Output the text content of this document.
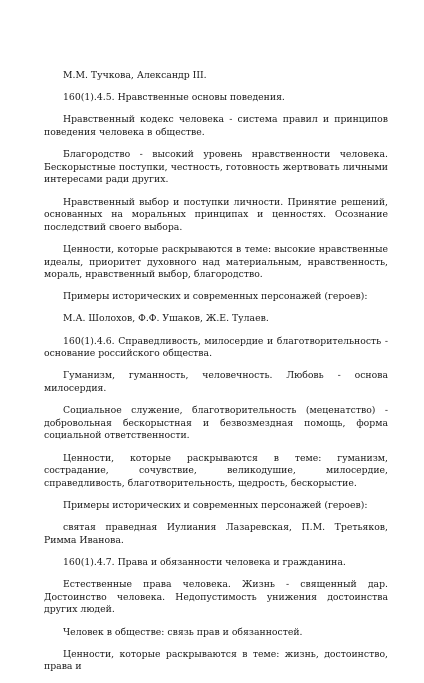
М.М. Тучкова, Александр III.

160(1).4.5. Нравственные основы поведения.

Нравственный кодекс человека - система правил и принципов поведения человека в обществе.

Благородство - высокий уровень нравственности человека. Бескорыстные поступки, честность, готовность жертвовать личными интересами ради других.

Нравственный выбор и поступки личности. Принятие решений, основанных на моральных принципах и ценностях. Осознание последствий своего выбора.

Ценности, которые раскрываются в теме: высокие нравственные идеалы, приоритет духовного над материальным, нравственность, мораль, нравственный выбор, благородство.

Примеры исторических и современных персонажей (героев):

М.А. Шолохов, Ф.Ф. Ушаков, Ж.Е. Тулаев.

160(1).4.6. Справедливость, милосердие и благотворительность - основание российского общества.

Гуманизм, гуманность, человечность. Любовь - основа милосердия.

Социальное служение, благотворительность (меценатство) - добровольная бескорыстная и безвозмездная помощь, форма социальной ответственности.

Ценности, которые раскрываются в теме: гуманизм, сострадание, сочувствие, великодушие, милосердие, справедливость, благотворительность, щедрость, бескорыстие.

Примеры исторических и современных персонажей (героев):

святая праведная Иулиания Лазаревская, П.М. Третьяков, Римма Иванова.

160(1).4.7. Права и обязанности человека и гражданина.

Естественные права человека. Жизнь - священный дар. Достоинство человека. Недопустимость унижения достоинства других людей.

Человек в обществе: связь прав и обязанностей.

Ценности, которые раскрываются в теме: жизнь, достоинство, права и
